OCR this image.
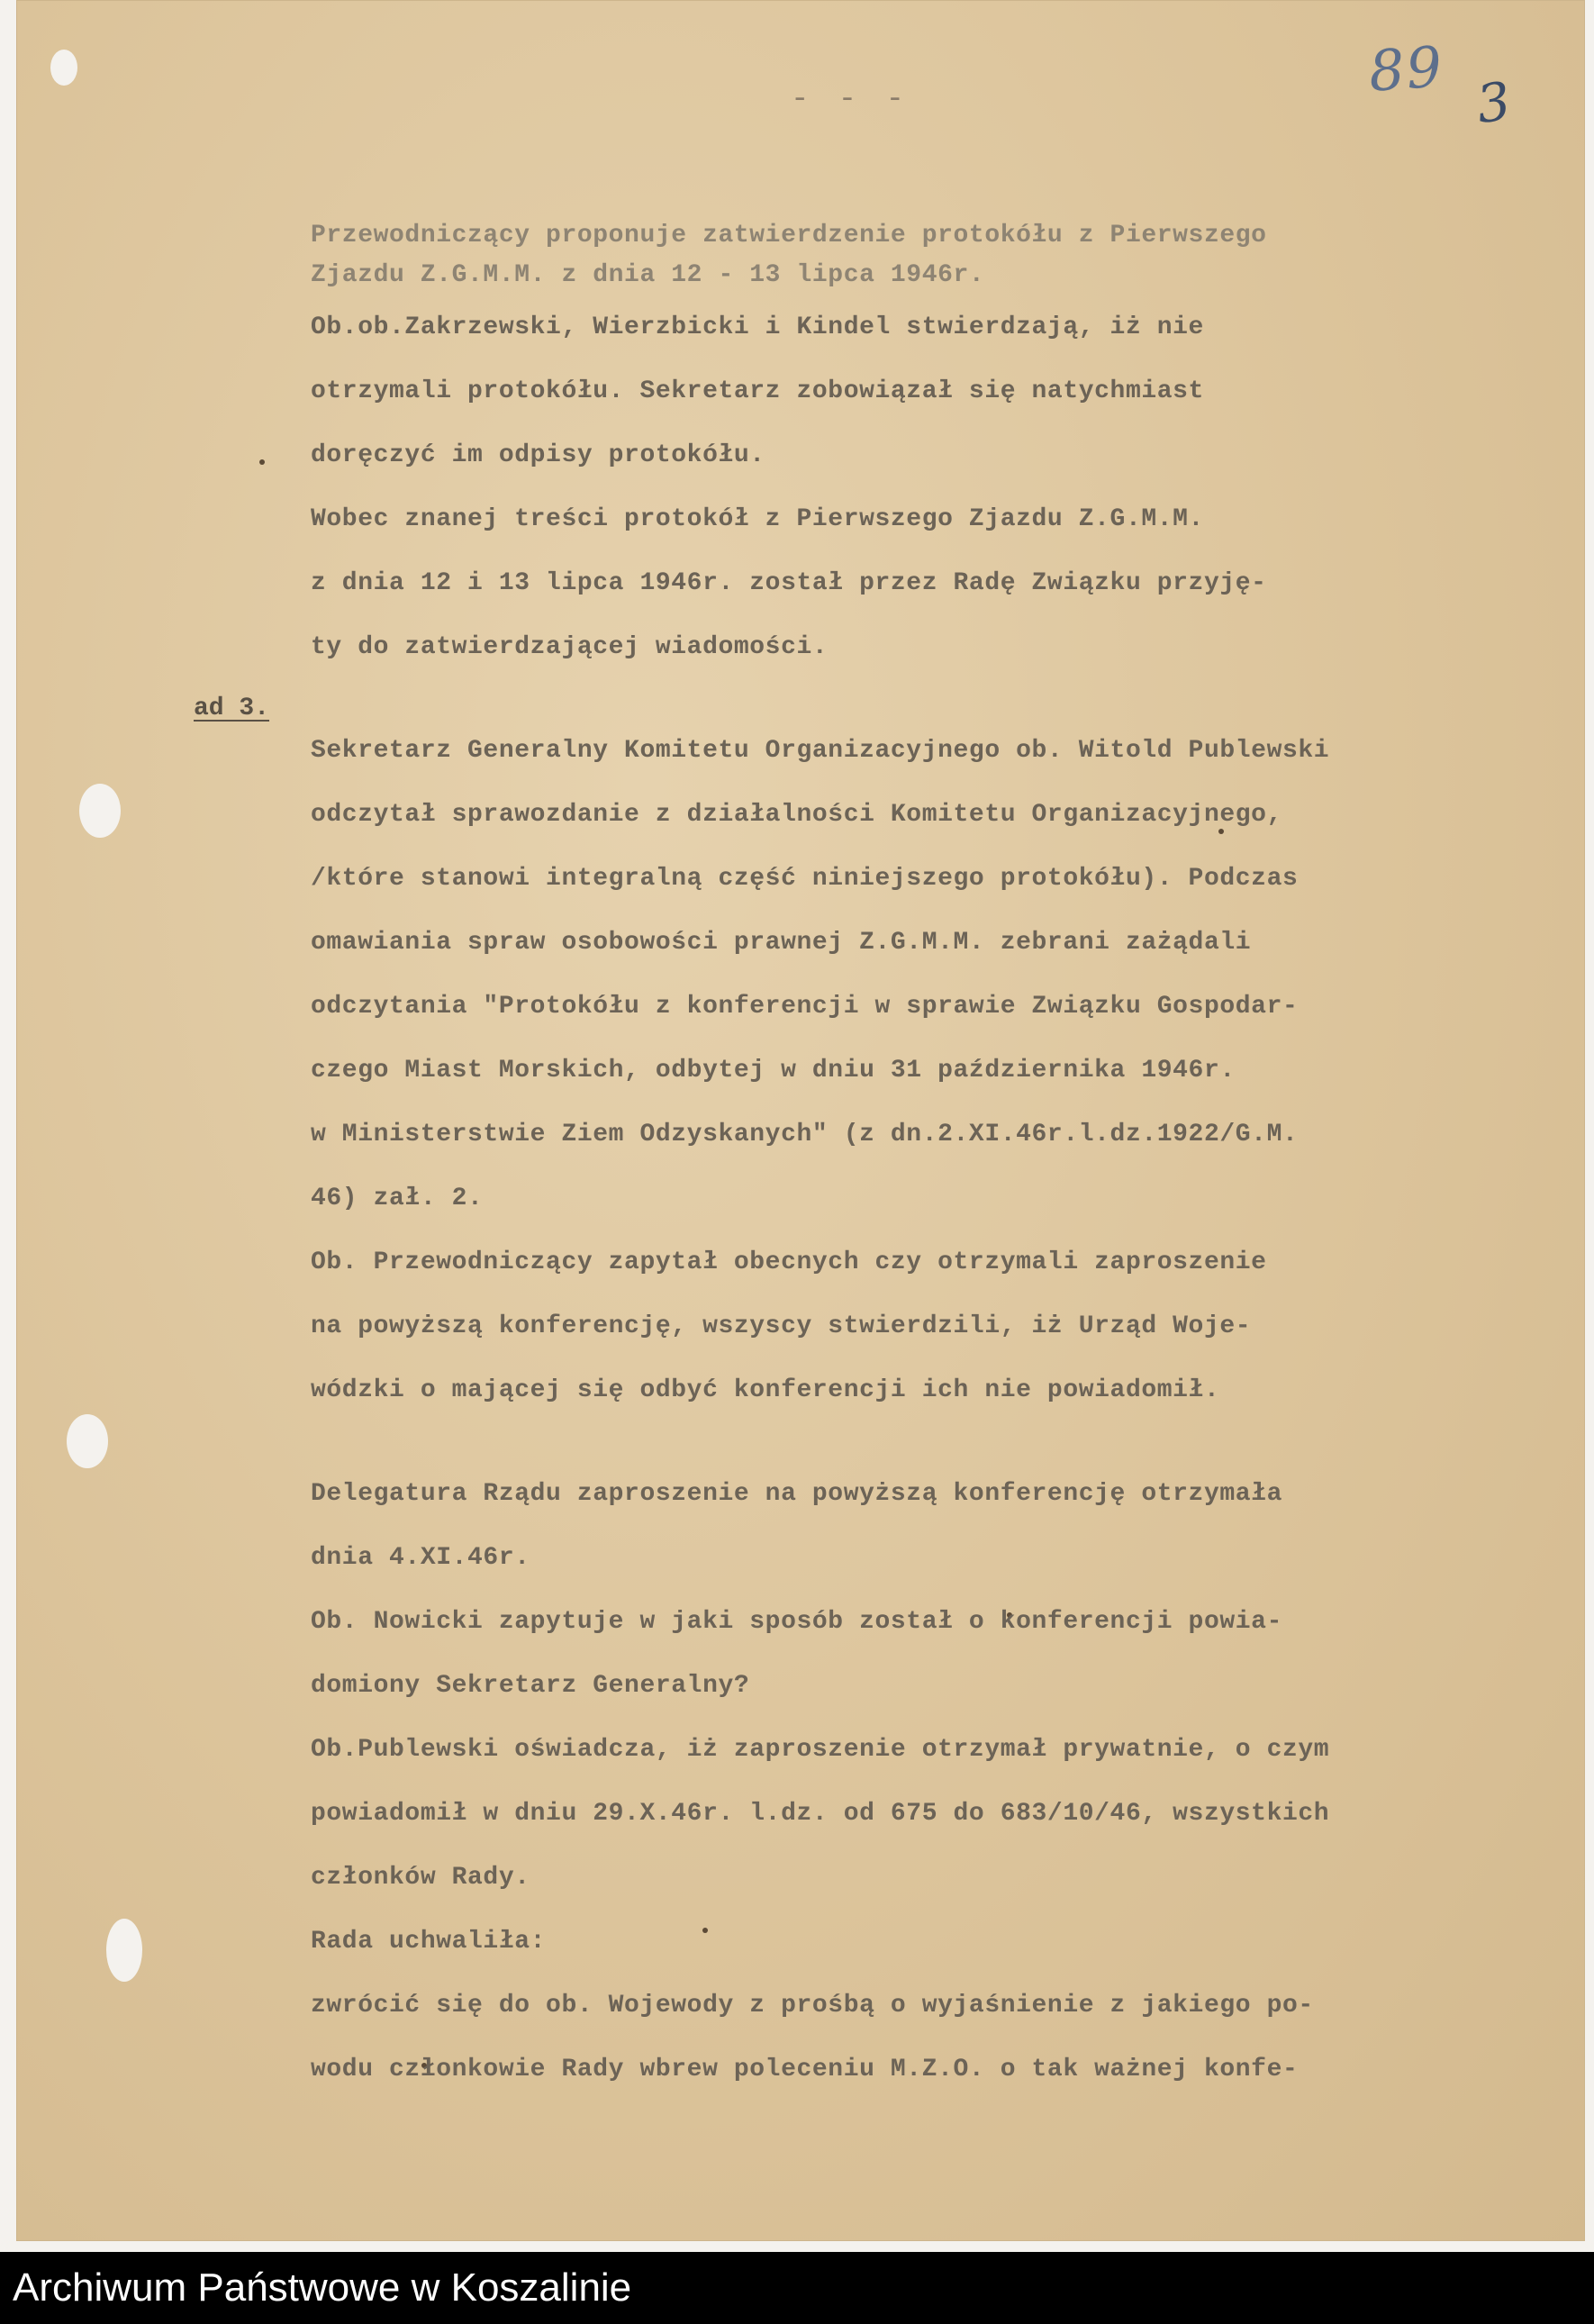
- - -	89 3
ad 3.
Przewodniczący proponuje zatwierdzenie protokółu z Pierwszego
Zjazdu Z.G.M.M. z dnia 12 - 13 lipca 1946r.
Ob.ob.Zakrzewski, Wierzbicki i Kindel stwierdzają, iż nie
otrzymali protokółu. Sekretarz zobowiązał się natychmiast
doręczyć im odpisy protokółu.
Wobec znanej treści protokół z Pierwszego Zjazdu Z.G.M.M.
z dnia 12 i 13 lipca 1946r. został przez Radę Związku przyję-
ty do zatwierdzającej wiadomości.
Sekretarz Generalny Komitetu Organizacyjnego ob. Witold Publewski
odczytał sprawozdanie z działalności Komitetu Organizacyjnego,
/które stanowi integralną część niniejszego protokółu). Podczas
omawiania spraw osobowości prawnej Z.G.M.M. zebrani zażądali
odczytania "Protokółu z konferencji w sprawie Związku Gospodar-
czego Miast Morskich, odbytej w dniu 31 października 1946r.
w Ministerstwie Ziem Odzyskanych" (z dn.2.XI.46r.l.dz.1922/G.M.
46) zał. 2.
Ob. Przewodniczący zapytał obecnych czy otrzymali zaproszenie
na powyższą konferencję, wszyscy stwierdzili, iż Urząd Woje-
wódzki o mającej się odbyć konferencji ich nie powiadomił.
Delegatura Rządu zaproszenie na powyższą konferencję otrzymała
dnia 4.XI.46r.
Ob. Nowicki zapytuje w jaki sposób został o konferencji powia-
domiony Sekretarz Generalny?
Ob.Publewski oświadcza, iż zaproszenie otrzymał prywatnie, o czym
powiadomił w dniu 29.X.46r. l.dz. od 675 do 683/10/46, wszystkich
członków Rady.
Rada uchwaliła:
zwrócić się do ob. Wojewody z prośbą o wyjaśnienie z jakiego po-
wodu członkowie Rady wbrew poleceniu M.Z.O. o tak ważnej konfe-
Archiwum Państwowe w Koszalinie
